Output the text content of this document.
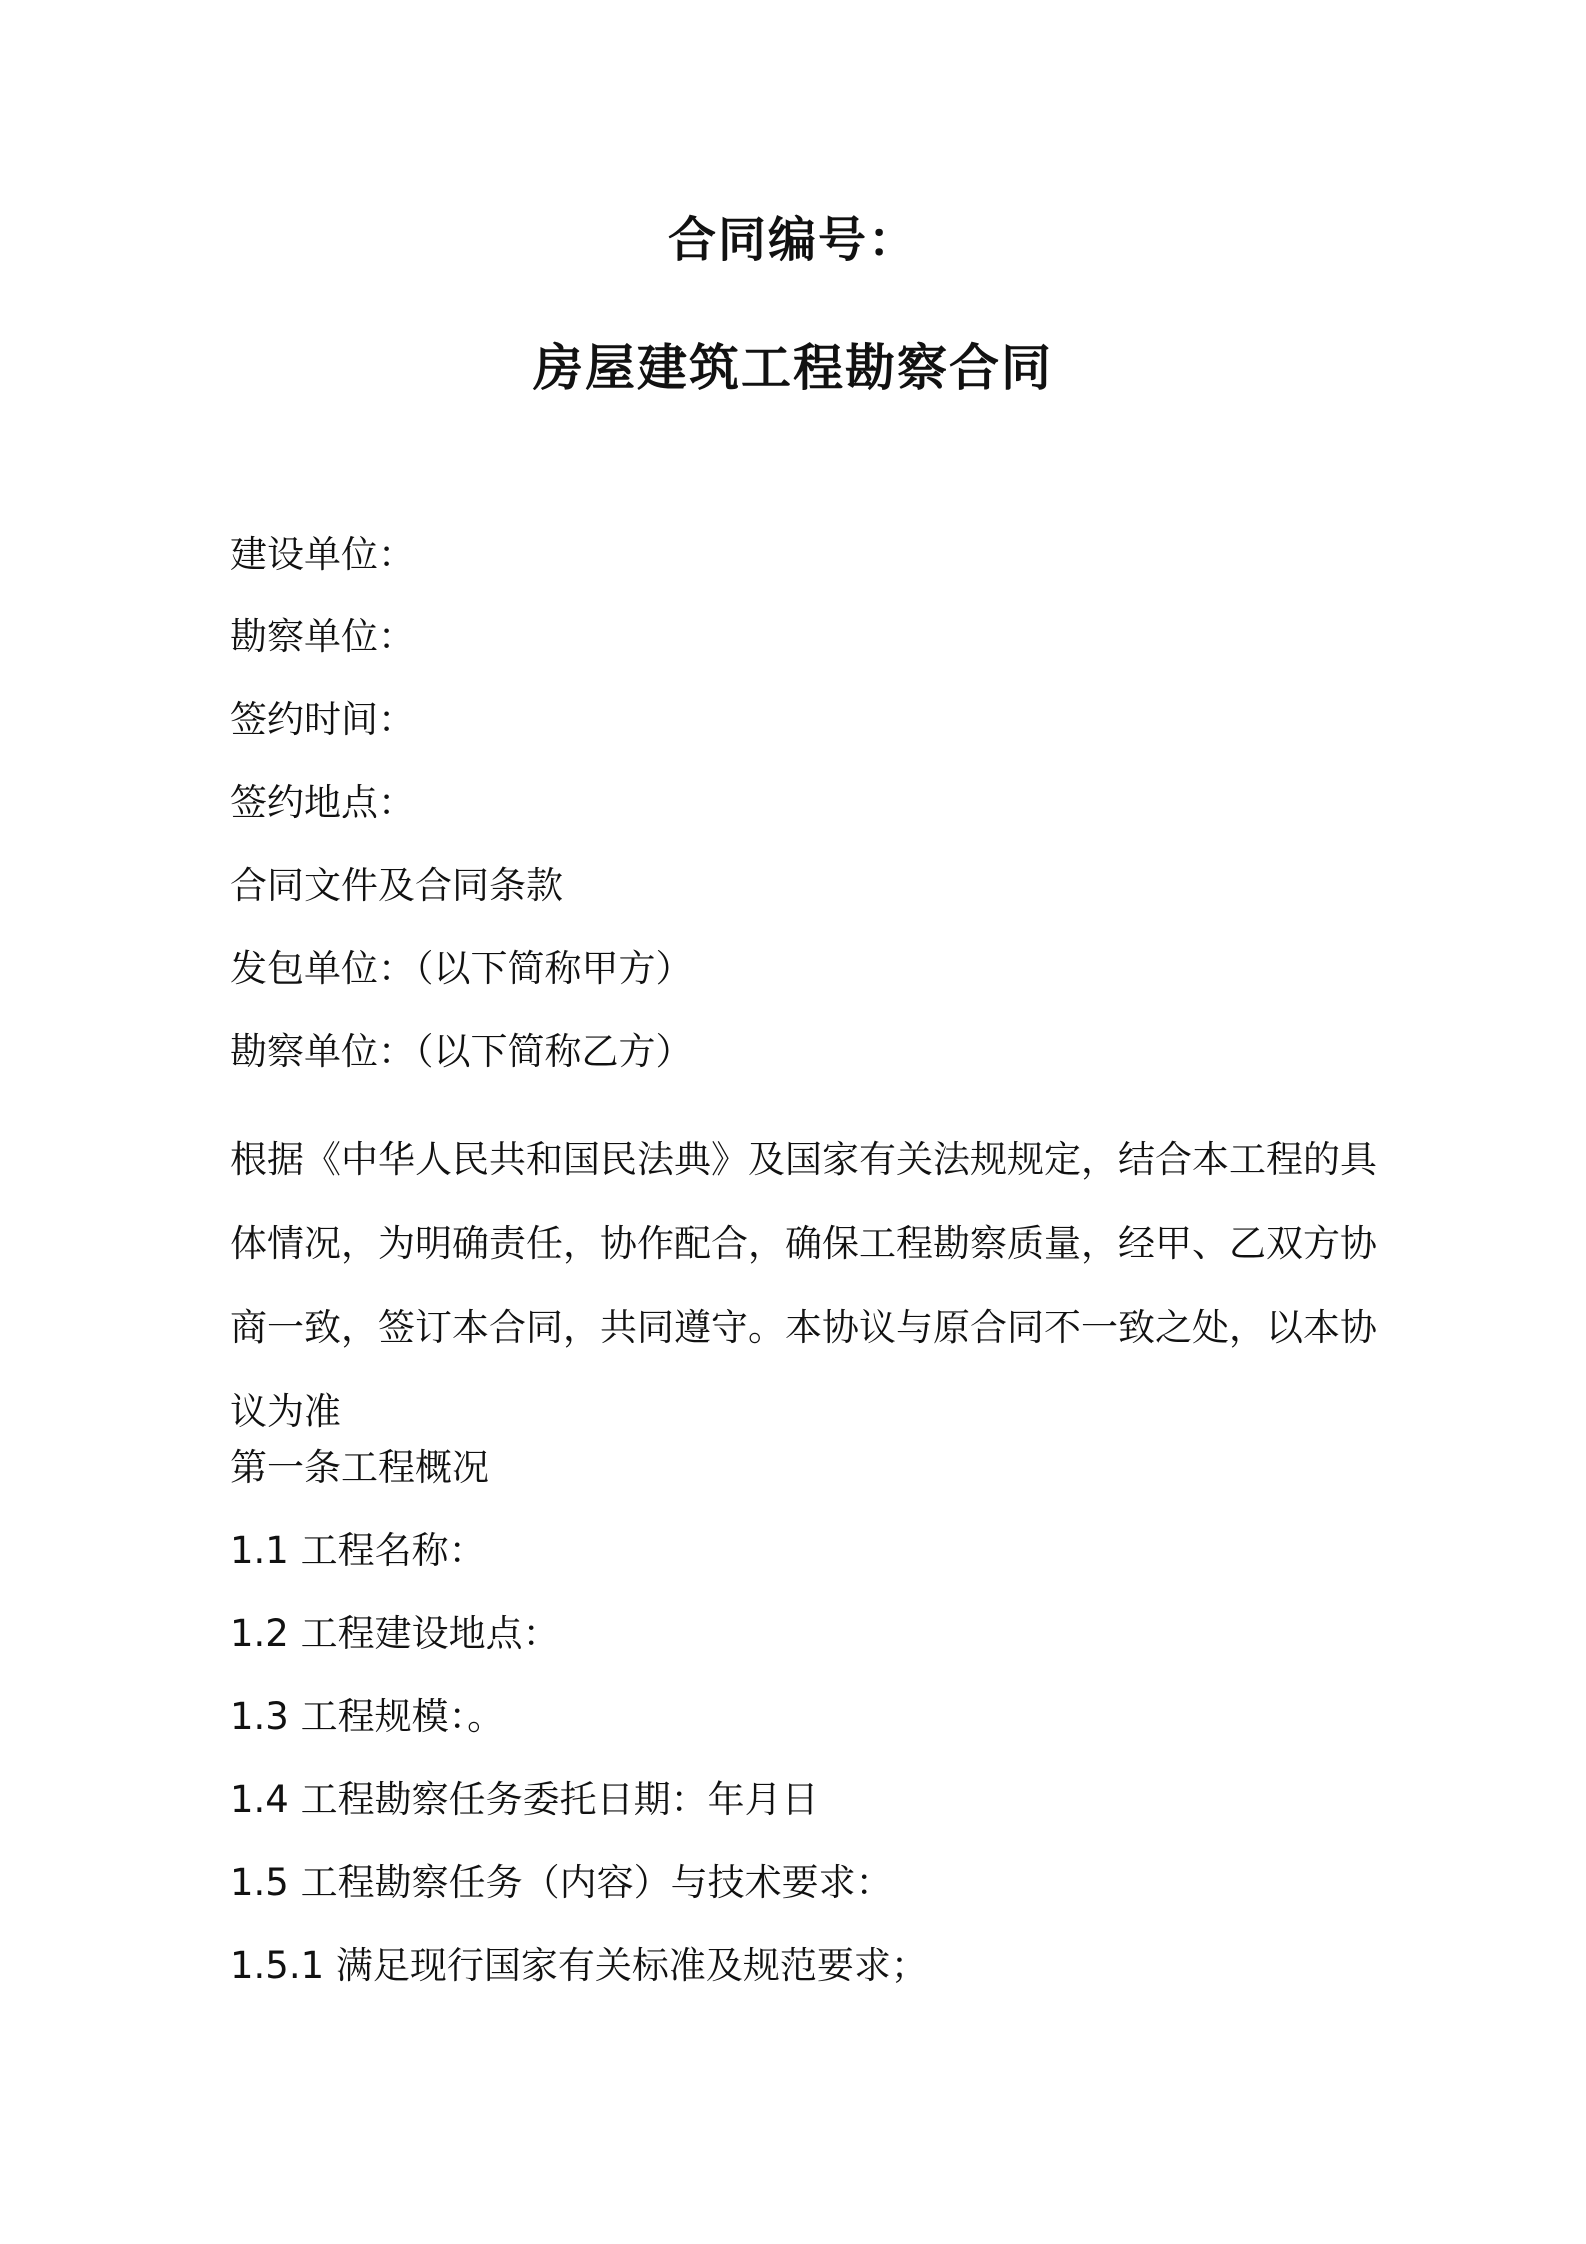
合同编号：
房屋建筑工程勘察合同
建设单位：
勘察单位：
签约时间：
签约地点：
合同文件及合同条款
发包单位：（以下简称甲方）
勘察单位：（以下简称乙方）
根据《中华人民共和国民法典》及国家有关法规规定，结合本工程的具体情况，为明确责任，协作配合，确保工程勘察质量，经甲、乙双方协商一致，签订本合同，共同遵守。本协议与原合同不一致之处，以本协议为准
第一条工程概况
1.1 工程名称：
1.2 工程建设地点：
1.3 工程规模：。
1.4 工程勘察任务委托日期：年月日
1.5 工程勘察任务（内容）与技术要求：
1.5.1 满足现行国家有关标准及规范要求；
